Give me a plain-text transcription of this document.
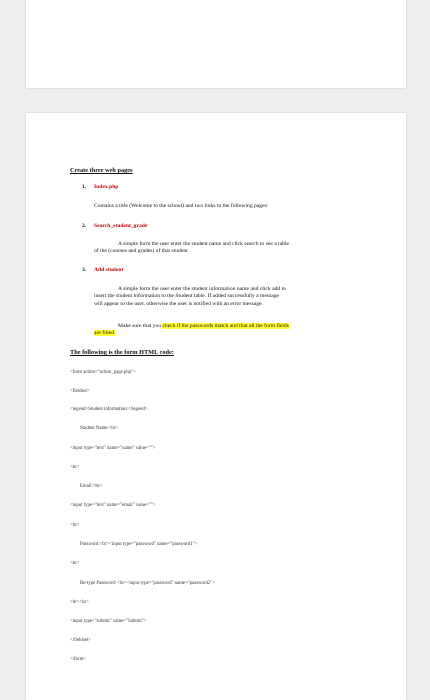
Create three web pages
1. Index.php
Contains a title (Welcome to the school) and two links to the following pages:
2. Search_student_grade
A simple form the user enter the student name and click search to see a table
of the (courses and grades) of that student
3. Add student
A simple form the user enter the student information name and click add to
insert the student information to the Student table. If added successfully a message
will appear to the user, otherwise the user is notified with an error message.
Make sure that you check if the passwords match and that all the form fields
are filled.
The following is the form HTML code:
<form action="action_page.php">
<fieldset>
<legend>Student information:</legend>
Student Name:<br>
<input type="text" name="name" value="">
<br>
Email:<br>
<input type="text" name="email" value="">
<br>
Password:<br><input type="password" name="password1">
<br>
Re-type Password: <br><input type="password" name="password2">
<br><br>
<input type="submit" value="Submit">
</fieldset>
</form>
